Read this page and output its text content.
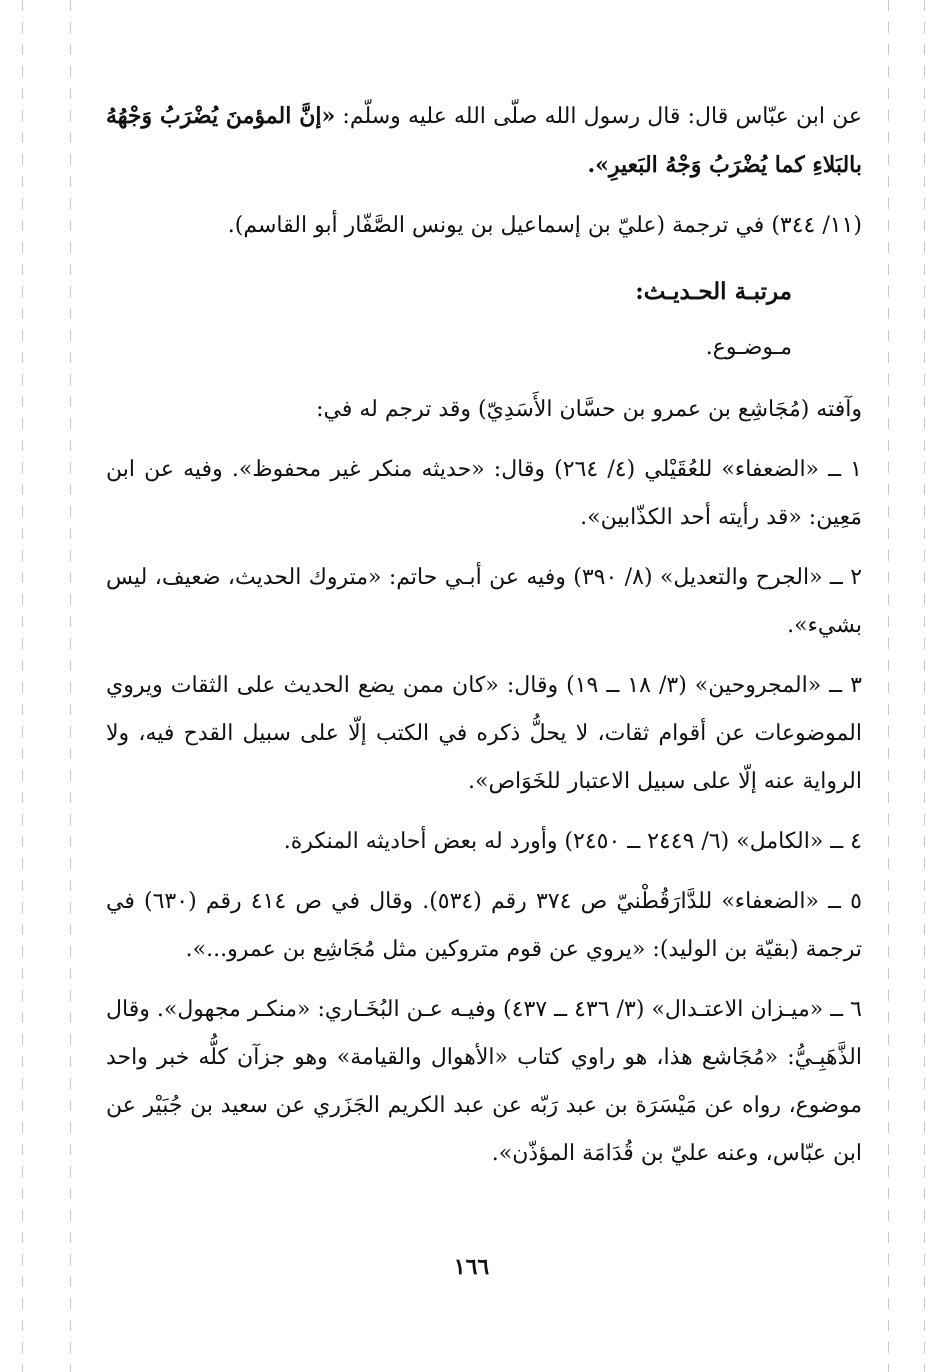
عن ابن عبّاس قال: قال رسول الله صلّى الله عليه وسلّم: «إنَّ المؤمنَ يُضْرَبُ وَجْهُهُ بالبَلاءِ كما يُضْرَبُ وَجْهُ البَعيرِ».

(١١/ ٣٤٤) في ترجمة (عليّ بن إسماعيل بن يونس الصَّفّار أبو القاسم).

مرتبـة الحـديـث:

مـوضـوع.

وآفته (مُجَاشِع بن عمرو بن حسَّان الأَسَدِيّ) وقد ترجم له في:

١ ــ «الضعفاء» للعُقَيْلي (٤/ ٢٦٤) وقال: «حديثه منكر غير محفوظ». وفيه عن ابن مَعِين: «قد رأيته أحد الكذّابين».

٢ ــ «الجرح والتعديل» (٨/ ٣٩٠) وفيه عن أبـي حاتم: «متروك الحديث، ضعيف، ليس بشيء».

٣ ــ «المجروحين» (٣/ ١٨ ــ ١٩) وقال: «كان ممن يضع الحديث على الثقات ويروي الموضوعات عن أقوام ثقات، لا يحلُّ ذكره في الكتب إلّا على سبيل القدح فيه، ولا الرواية عنه إلّا على سبيل الاعتبار للخَوَاص».

٤ ــ «الكامل» (٦/ ٢٤٤٩ ــ ٢٤٥٠) وأورد له بعض أحاديثه المنكرة.

٥ ــ «الضعفاء» للدَّارَقُطْنيّ ص ٣٧٤ رقم (٥٣٤). وقال في ص ٤١٤ رقم (٦٣٠) في ترجمة (بقيّة بن الوليد): «يروي عن قوم متروكين مثل مُجَاشِع بن عمرو...».

٦ ــ «ميـزان الاعتـدال» (٣/ ٤٣٦ ــ ٤٣٧) وفيـه عـن البُخَـاري: «منكـر مجهول». وقال الذَّهَبِـيُّ: «مُجَاشع هذا، هو راوي كتاب «الأهوال والقيامة» وهو جزآن كلُّه خبر واحد موضوع، رواه عن مَيْسَرَة بن عبد رَبّه عن عبد الكريم الجَزَري عن سعيد بن جُبَيْر عن ابن عبّاس، وعنه عليّ بن قُدَامَة المؤذّن».

١٦٦
